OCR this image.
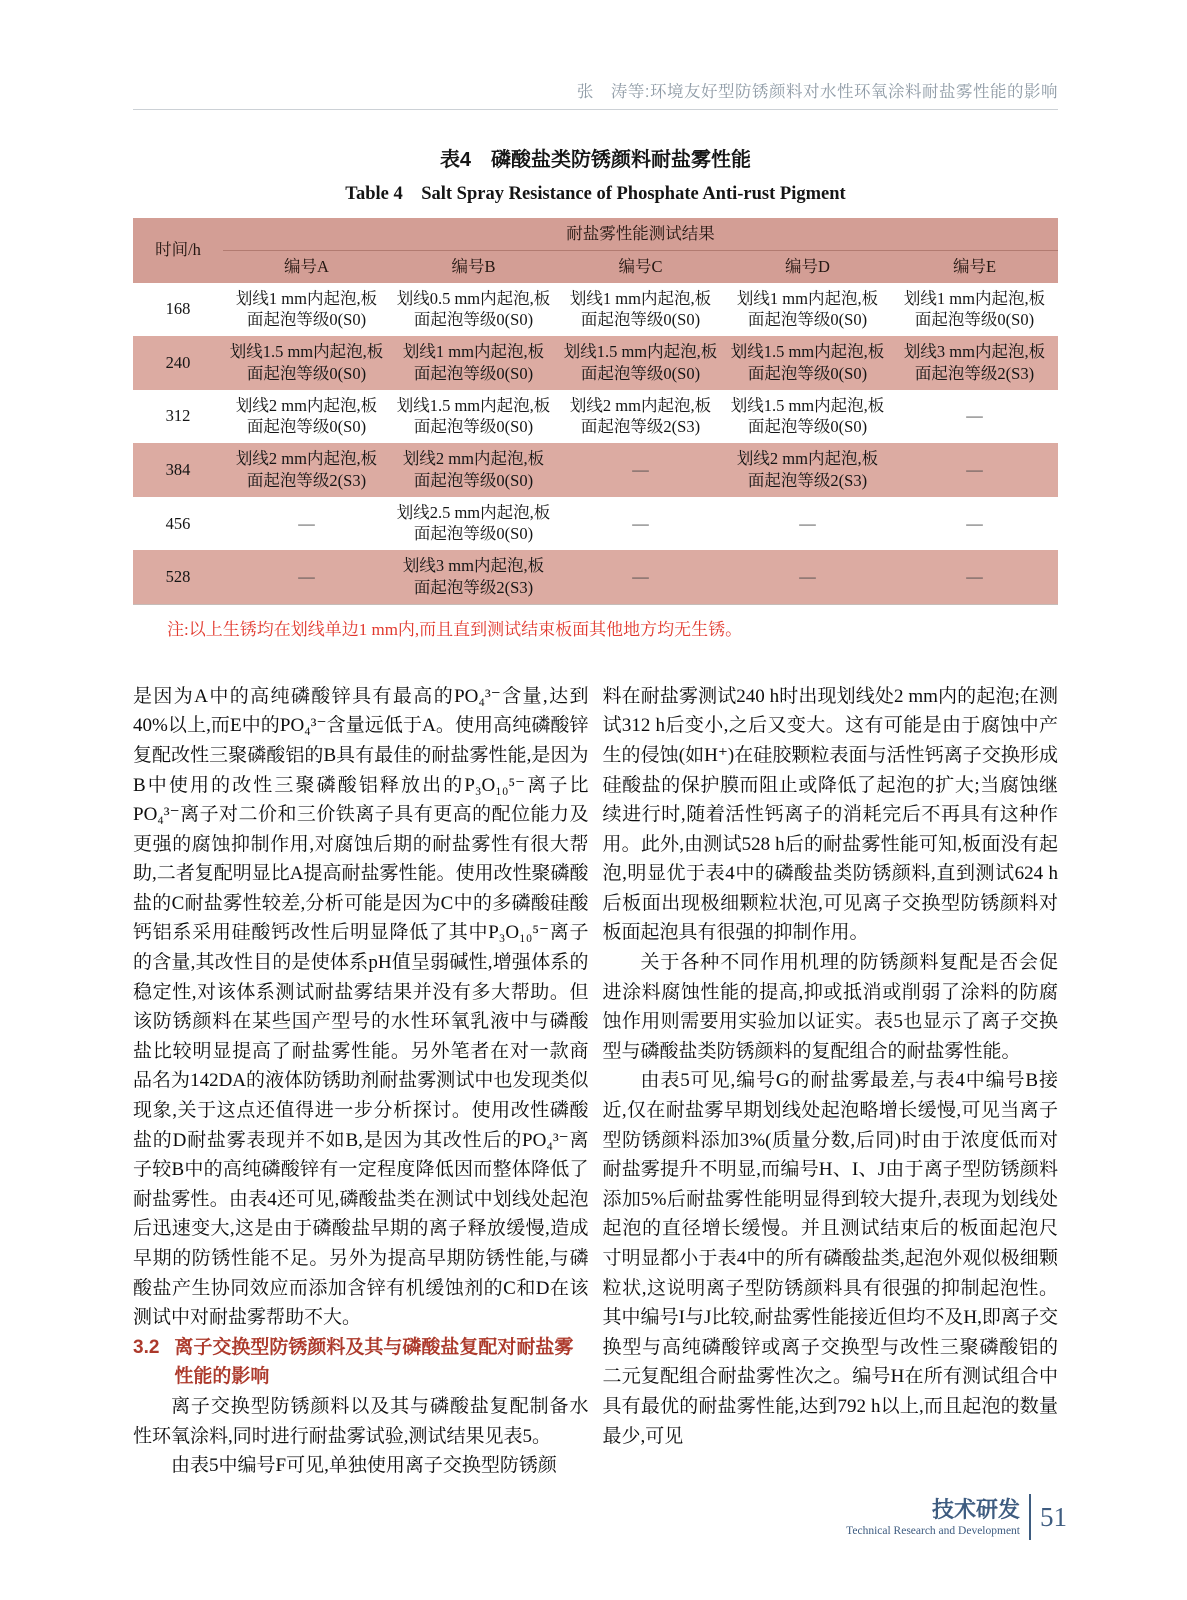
张　涛等:环境友好型防锈颜料对水性环氧涂料耐盐雾性能的影响
表4　磷酸盐类防锈颜料耐盐雾性能
Table 4　Salt Spray Resistance of Phosphate Anti-rust Pigment
时间/h	耐盐雾性能测试结果				
	编号A	编号B	编号C	编号D	编号E
168	划线1 mm内起泡,板面起泡等级0(S0)	划线0.5 mm内起泡,板面起泡等级0(S0)	划线1 mm内起泡,板面起泡等级0(S0)	划线1 mm内起泡,板面起泡等级0(S0)	划线1 mm内起泡,板面起泡等级0(S0)
240	划线1.5 mm内起泡,板面起泡等级0(S0)	划线1 mm内起泡,板面起泡等级0(S0)	划线1.5 mm内起泡,板面起泡等级0(S0)	划线1.5 mm内起泡,板面起泡等级0(S0)	划线3 mm内起泡,板面起泡等级2(S3)
312	划线2 mm内起泡,板面起泡等级0(S0)	划线1.5 mm内起泡,板面起泡等级0(S0)	划线2 mm内起泡,板面起泡等级2(S3)	划线1.5 mm内起泡,板面起泡等级0(S0)	—
384	划线2 mm内起泡,板面起泡等级2(S3)	划线2 mm内起泡,板面起泡等级0(S0)	—	划线2 mm内起泡,板面起泡等级2(S3)	—
456	—	划线2.5 mm内起泡,板面起泡等级0(S0)	—	—	—
528	—	划线3 mm内起泡,板面起泡等级2(S3)	—	—	—
注:以上生锈均在划线单边1 mm内,而且直到测试结束板面其他地方均无生锈。

是因为A中的高纯磷酸锌具有最高的PO₄³⁻含量,达到40%以上,而E中的PO₄³⁻含量远低于A。使用高纯磷酸锌复配改性三聚磷酸铝的B具有最佳的耐盐雾性能,是因为B中使用的改性三聚磷酸铝释放出的P₃O₁₀⁵⁻离子比PO₄³⁻离子对二价和三价铁离子具有更高的配位能力及更强的腐蚀抑制作用,对腐蚀后期的耐盐雾性有很大帮助,二者复配明显比A提高耐盐雾性能。使用改性聚磷酸盐的C耐盐雾性较差,分析可能是因为C中的多磷酸硅酸钙铝系采用硅酸钙改性后明显降低了其中P₃O₁₀⁵⁻离子的含量,其改性目的是使体系pH值呈弱碱性,增强体系的稳定性,对该体系测试耐盐雾结果并没有多大帮助。但该防锈颜料在某些国产型号的水性环氧乳液中与磷酸盐比较明显提高了耐盐雾性能。另外笔者在对一款商品名为142DA的液体防锈助剂耐盐雾测试中也发现类似现象,关于这点还值得进一步分析探讨。使用改性磷酸盐的D耐盐雾表现并不如B,是因为其改性后的PO₄³⁻离子较B中的高纯磷酸锌有一定程度降低因而整体降低了耐盐雾性。由表4还可见,磷酸盐类在测试中划线处起泡后迅速变大,这是由于磷酸盐早期的离子释放缓慢,造成早期的防锈性能不足。另外为提高早期防锈性能,与磷酸盐产生协同效应而添加含锌有机缓蚀剂的C和D在该测试中对耐盐雾帮助不大。

3.2 离子交换型防锈颜料及其与磷酸盐复配对耐盐雾性能的影响

离子交换型防锈颜料以及其与磷酸盐复配制备水性环氧涂料,同时进行耐盐雾试验,测试结果见表5。

由表5中编号F可见,单独使用离子交换型防锈颜

料在耐盐雾测试240 h时出现划线处2 mm内的起泡;在测试312 h后变小,之后又变大。这有可能是由于腐蚀中产生的侵蚀(如H⁺)在硅胶颗粒表面与活性钙离子交换形成硅酸盐的保护膜而阻止或降低了起泡的扩大;当腐蚀继续进行时,随着活性钙离子的消耗完后不再具有这种作用。此外,由测试528 h后的耐盐雾性能可知,板面没有起泡,明显优于表4中的磷酸盐类防锈颜料,直到测试624 h后板面出现极细颗粒状泡,可见离子交换型防锈颜料对板面起泡具有很强的抑制作用。

关于各种不同作用机理的防锈颜料复配是否会促进涂料腐蚀性能的提高,抑或抵消或削弱了涂料的防腐蚀作用则需要用实验加以证实。表5也显示了离子交换型与磷酸盐类防锈颜料的复配组合的耐盐雾性能。

由表5可见,编号G的耐盐雾最差,与表4中编号B接近,仅在耐盐雾早期划线处起泡略增长缓慢,可见当离子型防锈颜料添加3%(质量分数,后同)时由于浓度低而对耐盐雾提升不明显,而编号H、I、J由于离子型防锈颜料添加5%后耐盐雾性能明显得到较大提升,表现为划线处起泡的直径增长缓慢。并且测试结束后的板面起泡尺寸明显都小于表4中的所有磷酸盐类,起泡外观似极细颗粒状,这说明离子型防锈颜料具有很强的抑制起泡性。其中编号I与J比较,耐盐雾性能接近但均不及H,即离子交换型与高纯磷酸锌或离子交换型与改性三聚磷酸铝的二元复配组合耐盐雾性次之。编号H在所有测试组合中具有最优的耐盐雾性能,达到792 h以上,而且起泡的数量最少,可见

技术研发
Technical Research and Development 51
